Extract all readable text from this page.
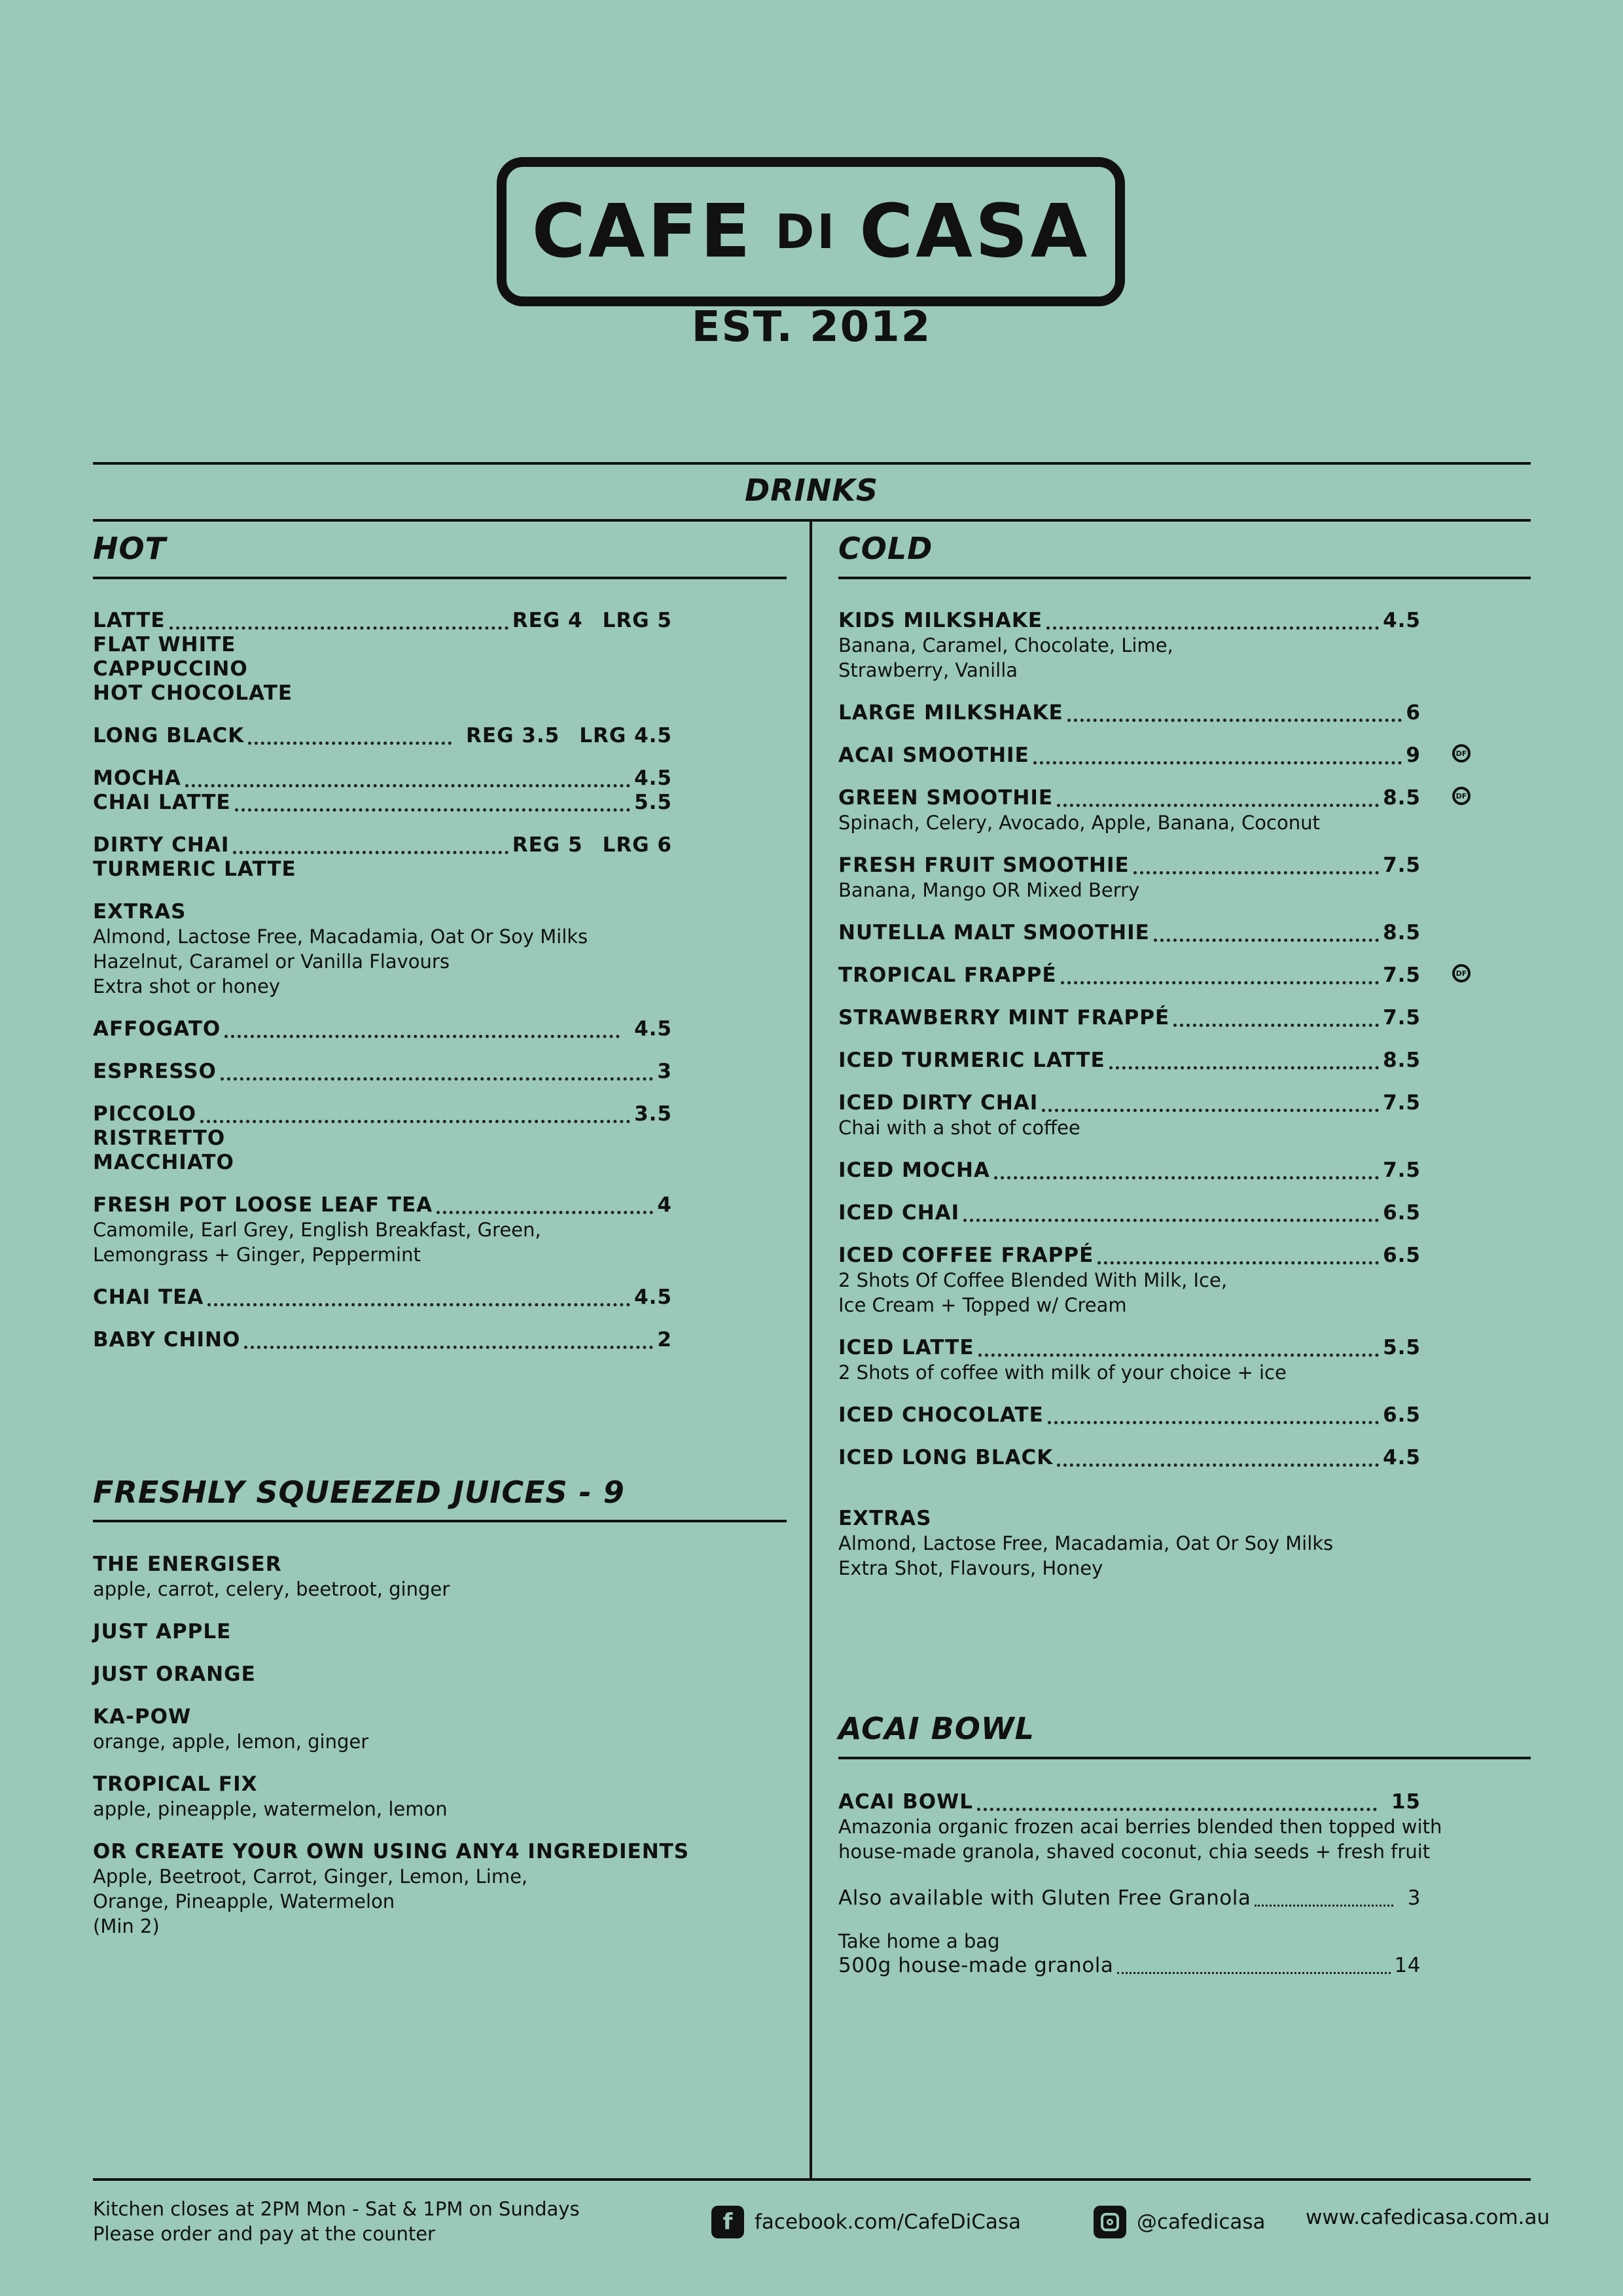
CAFE DI CASA
EST. 2012
DRINKS
HOT	COLD
LATTE	REG 4 LRG 5
FLAT WHITE
CAPPUCCINO
HOT CHOCOLATE
LONG BLACK	REG 3.5 LRG 4.5
MOCHA	4.5
CHAI LATTE	5.5
DIRTY CHAI	REG 5 LRG 6
TURMERIC LATTE
EXTRAS
Almond, Lactose Free, Macadamia, Oat Or Soy Milks
Hazelnut, Caramel or Vanilla Flavours
Extra shot or honey
AFFOGATO	4.5
ESPRESSO	3
PICCOLO	3.5
RISTRETTO
MACCHIATO
FRESH POT LOOSE LEAF TEA	4
Camomile, Earl Grey, English Breakfast, Green,
Lemongrass + Ginger, Peppermint
CHAI TEA	4.5
BABY CHINO	2
FRESHLY SQUEEZED JUICES - 9
THE ENERGISER
apple, carrot, celery, beetroot, ginger
JUST APPLE
JUST ORANGE
KA-POW
orange, apple, lemon, ginger
TROPICAL FIX
apple, pineapple, watermelon, lemon
OR CREATE YOUR OWN USING ANY4 INGREDIENTS
Apple, Beetroot, Carrot, Ginger, Lemon, Lime,
Orange, Pineapple, Watermelon
(Min 2)
KIDS MILKSHAKE	4.5
Banana, Caramel, Chocolate, Lime,
Strawberry, Vanilla
LARGE MILKSHAKE	6
ACAI SMOOTHIE	9	DF
GREEN SMOOTHIE	8.5	DF
Spinach, Celery, Avocado, Apple, Banana, Coconut
FRESH FRUIT SMOOTHIE	7.5
Banana, Mango OR Mixed Berry
NUTELLA MALT SMOOTHIE	8.5
TROPICAL FRAPPÉ	7.5	DF
STRAWBERRY MINT FRAPPÉ	7.5
ICED TURMERIC LATTE	8.5
ICED DIRTY CHAI	7.5
Chai with a shot of coffee
ICED MOCHA	7.5
ICED CHAI	6.5
ICED COFFEE FRAPPÉ	6.5
2 Shots Of Coffee Blended With Milk, Ice,
Ice Cream + Topped w/ Cream
ICED LATTE	5.5
2 Shots of coffee with milk of your choice + ice
ICED CHOCOLATE	6.5
ICED LONG BLACK	4.5
EXTRAS
Almond, Lactose Free, Macadamia, Oat Or Soy Milks
Extra Shot, Flavours, Honey
ACAI BOWL
ACAI BOWL	15
Amazonia organic frozen acai berries blended then topped with
house-made granola, shaved coconut, chia seeds + fresh fruit
Also available with Gluten Free Granola	3
Take home a bag
500g house-made granola	14
Kitchen closes at 2PM Mon - Sat & 1PM on Sundays
Please order and pay at the counter	f	facebook.com/CafeDiCasa	@cafedicasa www.cafedicasa.com.au
